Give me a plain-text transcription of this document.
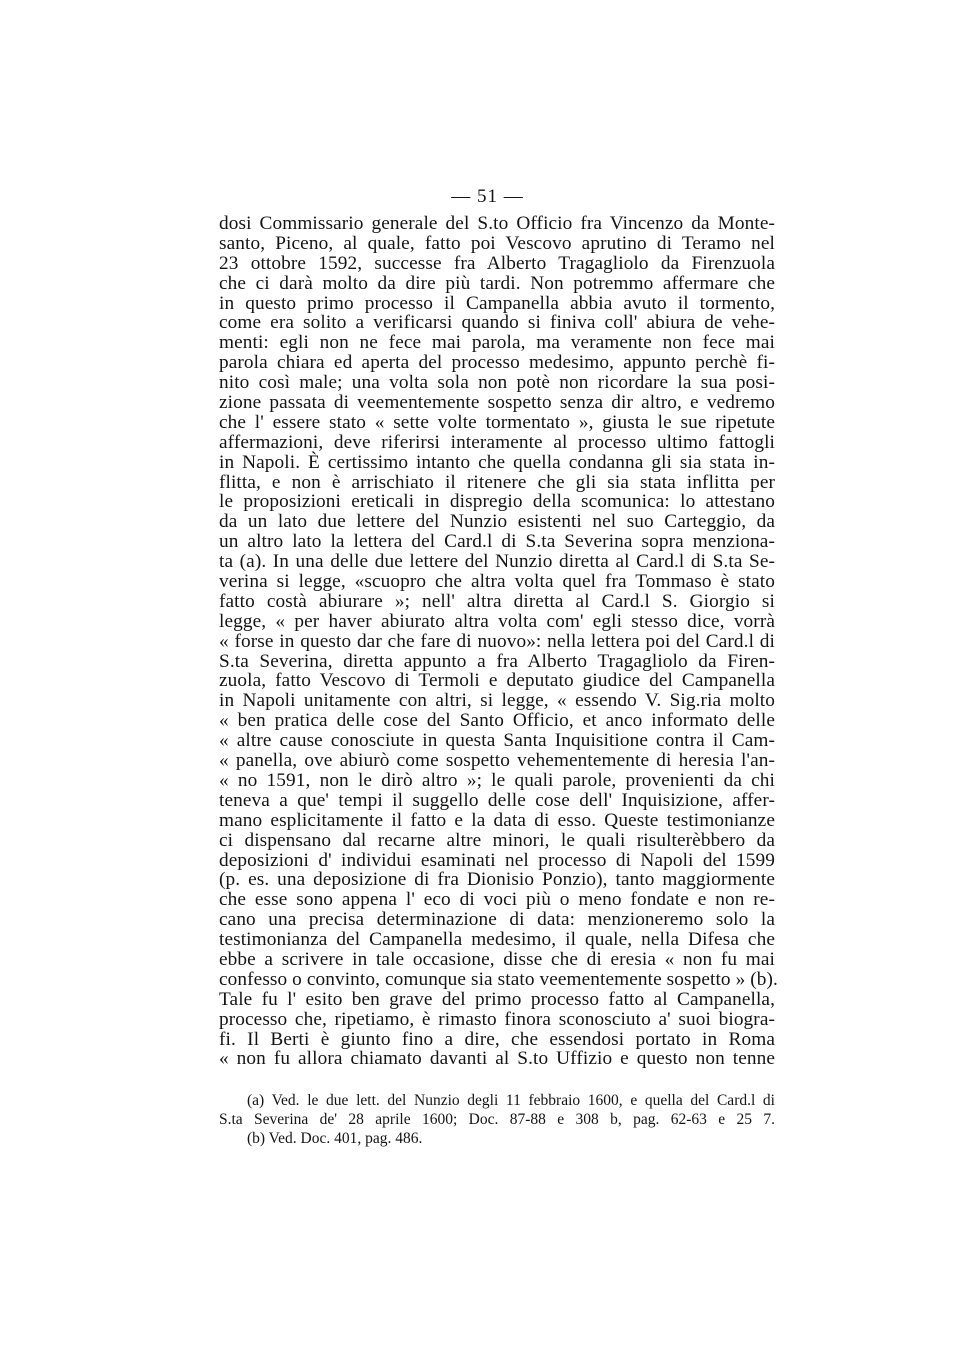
— 51 —
dosi Commissario generale del S.to Officio fra Vincenzo da Monte-
santo, Piceno, al quale, fatto poi Vescovo aprutino di Teramo nel
23 ottobre 1592, successe fra Alberto Tragagliolo da Firenzuola
che ci darà molto da dire più tardi. Non potremmo affermare che
in questo primo processo il Campanella abbia avuto il tormento,
come era solito a verificarsi quando si finiva coll' abiura de vehe-
menti: egli non ne fece mai parola, ma veramente non fece mai
parola chiara ed aperta del processo medesimo, appunto perchè fi-
nito così male; una volta sola non potè non ricordare la sua posi-
zione passata di veementemente sospetto senza dir altro, e vedremo
che l' essere stato « sette volte tormentato », giusta le sue ripetute
affermazioni, deve riferirsi interamente al processo ultimo fattogli
in Napoli. È certissimo intanto che quella condanna gli sia stata in-
flitta, e non è arrischiato il ritenere che gli sia stata inflitta per
le proposizioni ereticali in dispregio della scomunica: lo attestano
da un lato due lettere del Nunzio esistenti nel suo Carteggio, da
un altro lato la lettera del Card.l di S.ta Severina sopra menziona-
ta (a). In una delle due lettere del Nunzio diretta al Card.l di S.ta Se-
verina si legge, «scuopro che altra volta quel fra Tommaso è stato
fatto costà abiurare »; nell' altra diretta al Card.l S. Giorgio si
legge, « per haver abiurato altra volta com' egli stesso dice, vorrà
« forse in questo dar che fare di nuovo»: nella lettera poi del Card.l di
S.ta Severina, diretta appunto a fra Alberto Tragagliolo da Firen-
zuola, fatto Vescovo di Termoli e deputato giudice del Campanella
in Napoli unitamente con altri, si legge, « essendo V. Sig.ria molto
« ben pratica delle cose del Santo Officio, et anco informato delle
« altre cause conosciute in questa Santa Inquisitione contra il Cam-
« panella, ove abiurò come sospetto vehementemente di heresia l'an-
« no 1591, non le dirò altro »; le quali parole, provenienti da chi
teneva a que' tempi il suggello delle cose dell' Inquisizione, affer-
mano esplicitamente il fatto e la data di esso. Queste testimonianze
ci dispensano dal recarne altre minori, le quali risulterèbbero da
deposizioni d' individui esaminati nel processo di Napoli del 1599
(p. es. una deposizione di fra Dionisio Ponzio), tanto maggiormente
che esse sono appena l' eco di voci più o meno fondate e non re-
cano una precisa determinazione di data: menzioneremo solo la
testimonianza del Campanella medesimo, il quale, nella Difesa che
ebbe a scrivere in tale occasione, disse che di eresia « non fu mai
confesso o convinto, comunque sia stato veementemente sospetto » (b).
Tale fu l' esito ben grave del primo processo fatto al Campanella,
processo che, ripetiamo, è rimasto finora sconosciuto a' suoi biogra-
fi. Il Berti è giunto fino a dire, che essendosi portato in Roma
« non fu allora chiamato davanti al S.to Uffizio e questo non tenne
(a) Ved. le due lett. del Nunzio degli 11 febbraio 1600, e quella del Card.l di
S.ta Severina de' 28 aprile 1600; Doc. 87-88 e 308 b, pag. 62-63 e 25 7.
(b) Ved. Doc. 401, pag. 486.
